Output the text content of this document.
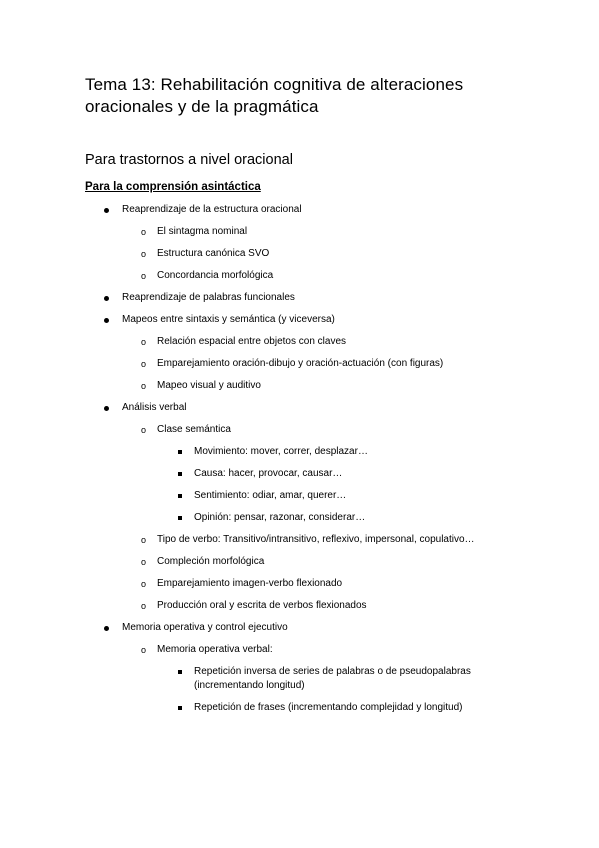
Tema 13: Rehabilitación cognitiva de alteraciones oracionales y de la pragmática
Para trastornos a nivel oracional
Para la comprensión asintáctica
Reaprendizaje de la estructura oracional
o El sintagma nominal
o Estructura canónica SVO
o Concordancia morfológica
Reaprendizaje de palabras funcionales
Mapeos entre sintaxis y semántica (y viceversa)
o Relación espacial entre objetos con claves
o Emparejamiento oración-dibujo y oración-actuación (con figuras)
o Mapeo visual y auditivo
Análisis verbal
o Clase semántica
Movimiento: mover, correr, desplazar…
Causa: hacer, provocar, causar…
Sentimiento: odiar, amar, querer…
Opinión: pensar, razonar, considerar…
o Tipo de verbo: Transitivo/intransitivo, reflexivo, impersonal, copulativo…
o Compleción morfológica
o Emparejamiento imagen-verbo flexionado
o Producción oral y escrita de verbos flexionados
Memoria operativa y control ejecutivo
o Memoria operativa verbal:
Repetición inversa de series de palabras o de pseudopalabras (incrementando longitud)
Repetición de frases (incrementando complejidad y longitud)
